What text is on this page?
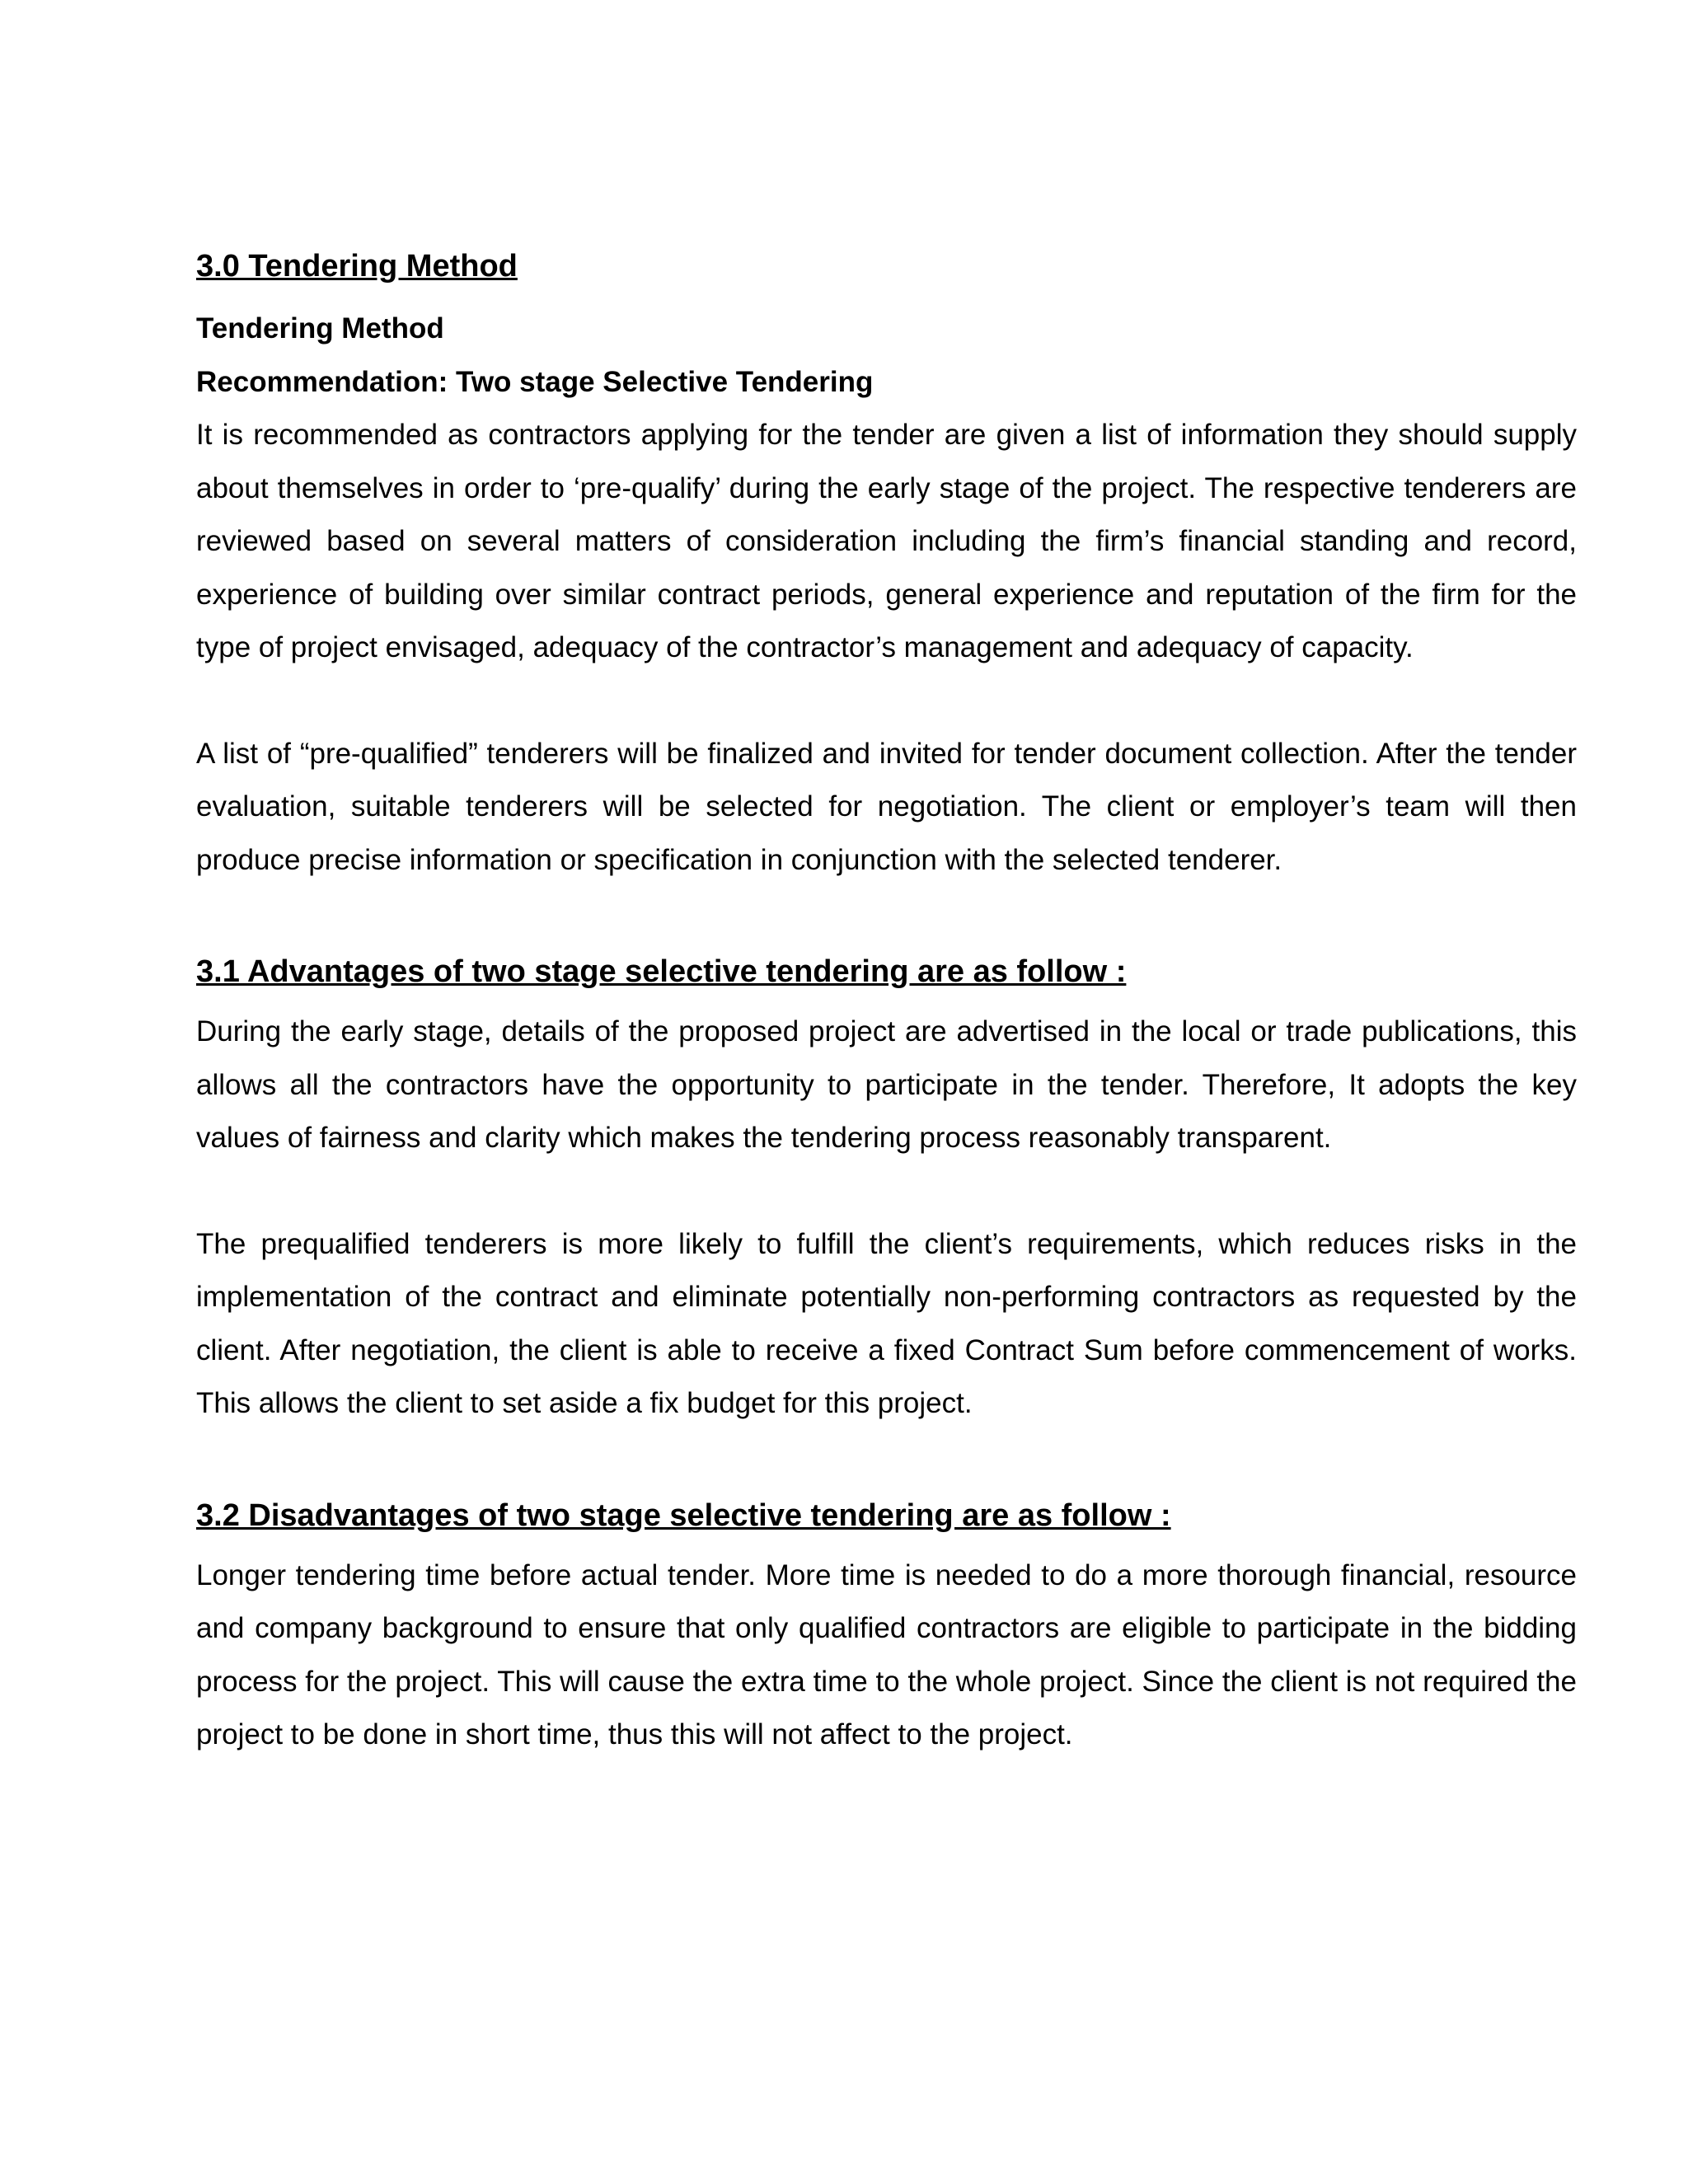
3.0 Tendering Method
Tendering Method
Recommendation: Two stage Selective Tendering

It is recommended as contractors applying for the tender are given a list of information they should supply about themselves in order to ‘pre-qualify’ during the early stage of the project. The respective tenderers are reviewed based on several matters of consideration including the firm’s financial standing and record, experience of building over similar contract periods, general experience and reputation of the firm for the type of project envisaged, adequacy of the contractor’s management and adequacy of capacity.

A list of “pre-qualified” tenderers will be finalized and invited for tender document collection. After the tender evaluation, suitable tenderers will be selected for negotiation. The client or employer’s team will then produce precise information or specification in conjunction with the selected tenderer.

3.1 Advantages of two stage selective tendering are as follow :

During the early stage, details of the proposed project are advertised in the local or trade publications, this allows all the contractors have the opportunity to participate in the tender. Therefore, It adopts the key values of fairness and clarity which makes the tendering process reasonably transparent.

The prequalified tenderers is more likely to fulfill the client’s requirements, which reduces risks in the implementation of the contract and eliminate potentially non-performing contractors as requested by the client. After negotiation, the client is able to receive a fixed Contract Sum before commencement of works. This allows the client to set aside a fix budget for this project.

3.2 Disadvantages of two stage selective tendering are as follow :

Longer tendering time before actual tender. More time is needed to do a more thorough financial, resource and company background to ensure that only qualified contractors are eligible to participate in the bidding process for the project. This will cause the extra time to the whole project. Since the client is not required the project to be done in short time, thus this will not affect to the project.
